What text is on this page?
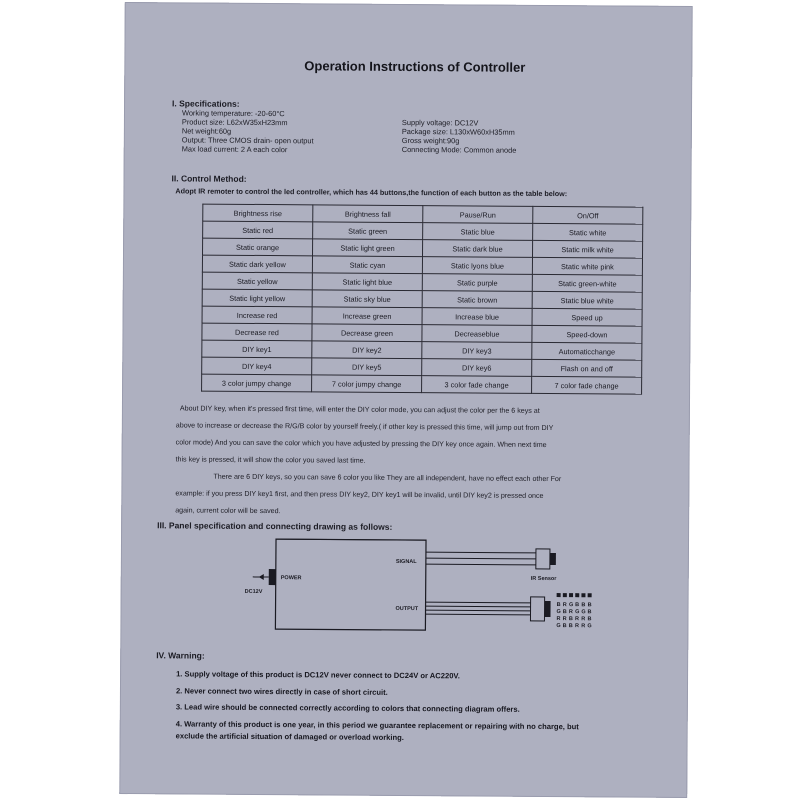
Operation Instructions of Controller
I. Specifications:
Working temperature: -20-60°C
Product size: L62xW35xH23mm
Net weight:60g
Output: Three CMOS drain- open output
Max load current: 2 A each color
Supply voltage: DC12V
Package size: L130xW60xH35mm
Gross weight:90g
Connecting Mode: Common anode
II. Control Method:
Adopt IR remoter to control the led controller, which has 44 buttons,the function of each button as the table below:
Brightness rise	Brightness fall	Pause/Run	On/Off
Static red	Static green	Static blue	Static white
Static orange	Static light green	Static dark blue	Static milk white
Static dark yellow	Static cyan	Static lyons blue	Static white pink
Static yellow	Static light blue	Static purple	Static green-white
Static light yellow	Static sky blue	Static brown	Static blue white
Increase red	Increase green	Increase blue	Speed up
Decrease red	Decrease green	Decreaseblue	Speed-down
DIY key1	DIY key2	DIY key3	Automaticchange
DIY key4	DIY key5	DIY key6	Flash on and off
3 color jumpy change	7 color jumpy change	3 color fade change	7 color fade change
About DIY key, when it's pressed first time, will enter the DIY color mode, you can adjust the color per the 6 keys at
above to increase or decrease the R/G/B color by yourself freely.( if other key is pressed this time, will jump out from DIY
color mode) And you can save the color which you have adjusted by pressing the DIY key once again. When next time
this key is pressed, it will show the color you saved last time.
There are 6 DIY keys, so you can save 6 color you like They are all independent, have no effect each other For
example: if you press DIY key1 first, and then press DIY key2, DIY key1 will be invalid, until DIY key2 is pressed once
again, current color will be saved.
III. Panel specification and connecting drawing as follows:
POWER
DC12V
SIGNAL
IR Sensor
OUTPUT
B R G B B B
G B R G G B
R R B R R B
G B B R R G
IV. Warning:
1. Supply voltage of this product is DC12V never connect to DC24V or AC220V.
2. Never connect two wires directly in case of short circuit.
3. Lead wire should be connected correctly according to colors that connecting diagram offers.
4. Warranty of this product is one year, in this period we guarantee replacement or repairing with no charge, but
exclude the artificial situation of damaged or overload working.
